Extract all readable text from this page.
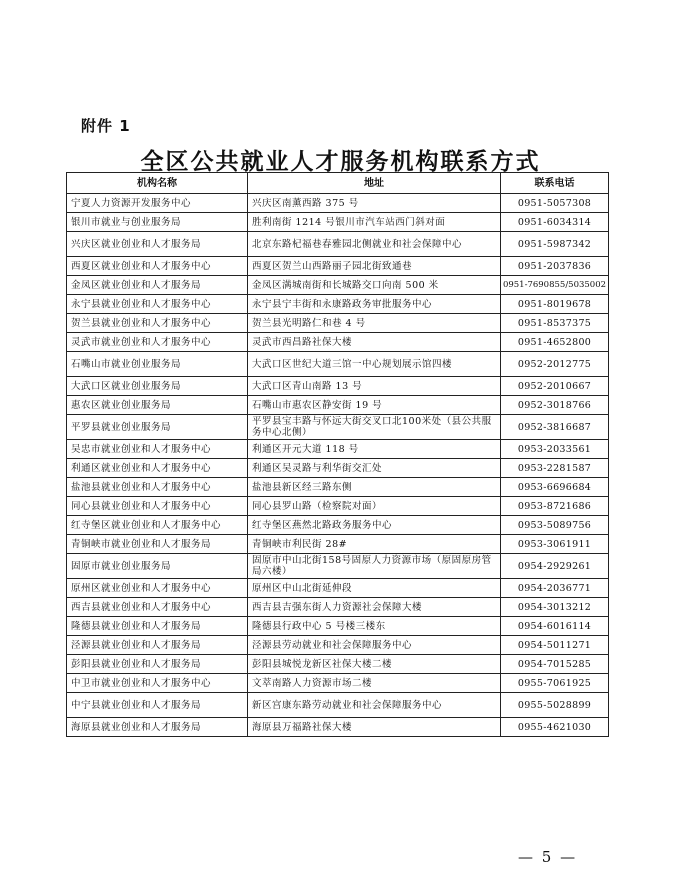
附件 1
全区公共就业人才服务机构联系方式
机构名称	地址	联系电话
宁夏人力资源开发服务中心	兴庆区南薰西路 375 号	0951-5057308
银川市就业与创业服务局	胜利南街 1214 号银川市汽车站西门斜对面	0951-6034314
兴庆区就业创业和人才服务局	北京东路杞福巷春雅园北侧就业和社会保障中心	0951-5987342
西夏区就业创业和人才服务中心	西夏区贺兰山西路丽子园北街致通巷	0951-2037836
金凤区就业创业和人才服务局	金凤区满城南街和长城路交口向南 500 米	0951-7690855/5035002
永宁县就业创业和人才服务中心	永宁县宁丰街和永康路政务审批服务中心	0951-8019678
贺兰县就业创业和人才服务中心	贺兰县光明路仁和巷 4 号	0951-8537375
灵武市就业创业和人才服务中心	灵武市西昌路社保大楼	0951-4652800
石嘴山市就业创业服务局	大武口区世纪大道三馆一中心规划展示馆四楼	0952-2012775
大武口区就业创业服务局	大武口区青山南路 13 号	0952-2010667
惠农区就业创业服务局	石嘴山市惠农区静安街 19 号	0952-3018766
平罗县就业创业服务局	平罗县宝丰路与怀远大街交叉口北100米处（县公共服务中心北侧）	0952-3816687
吴忠市就业创业和人才服务中心	利通区开元大道 118 号	0953-2033561
利通区就业创业和人才服务中心	利通区吴灵路与利华街交汇处	0953-2281587
盐池县就业创业和人才服务中心	盐池县新区经三路东侧	0953-6696684
同心县就业创业和人才服务中心	同心县罗山路（检察院对面）	0953-8721686
红寺堡区就业创业和人才服务中心	红寺堡区燕然北路政务服务中心	0953-5089756
青铜峡市就业创业和人才服务局	青铜峡市利民街 28#	0953-3061911
固原市就业创业服务局	固原市中山北街158号固原人力资源市场（原固原房管局六楼）	0954-2929261
原州区就业创业和人才服务中心	原州区中山北街延伸段	0954-2036771
西吉县就业创业和人才服务中心	西吉县吉强东街人力资源社会保障大楼	0954-3013212
隆德县就业创业和人才服务局	隆德县行政中心 5 号楼三楼东	0954-6016114
泾源县就业创业和人才服务局	泾源县劳动就业和社会保障服务中心	0954-5011271
彭阳县就业创业和人才服务局	彭阳县城悦龙新区社保大楼二楼	0954-7015285
中卫市就业创业和人才服务中心	文萃南路人力资源市场二楼	0955-7061925
中宁县就业创业和人才服务局	新区宫康东路劳动就业和社会保障服务中心	0955-5028899
海原县就业创业和人才服务局	海原县万福路社保大楼	0955-4621030
— 5 —
